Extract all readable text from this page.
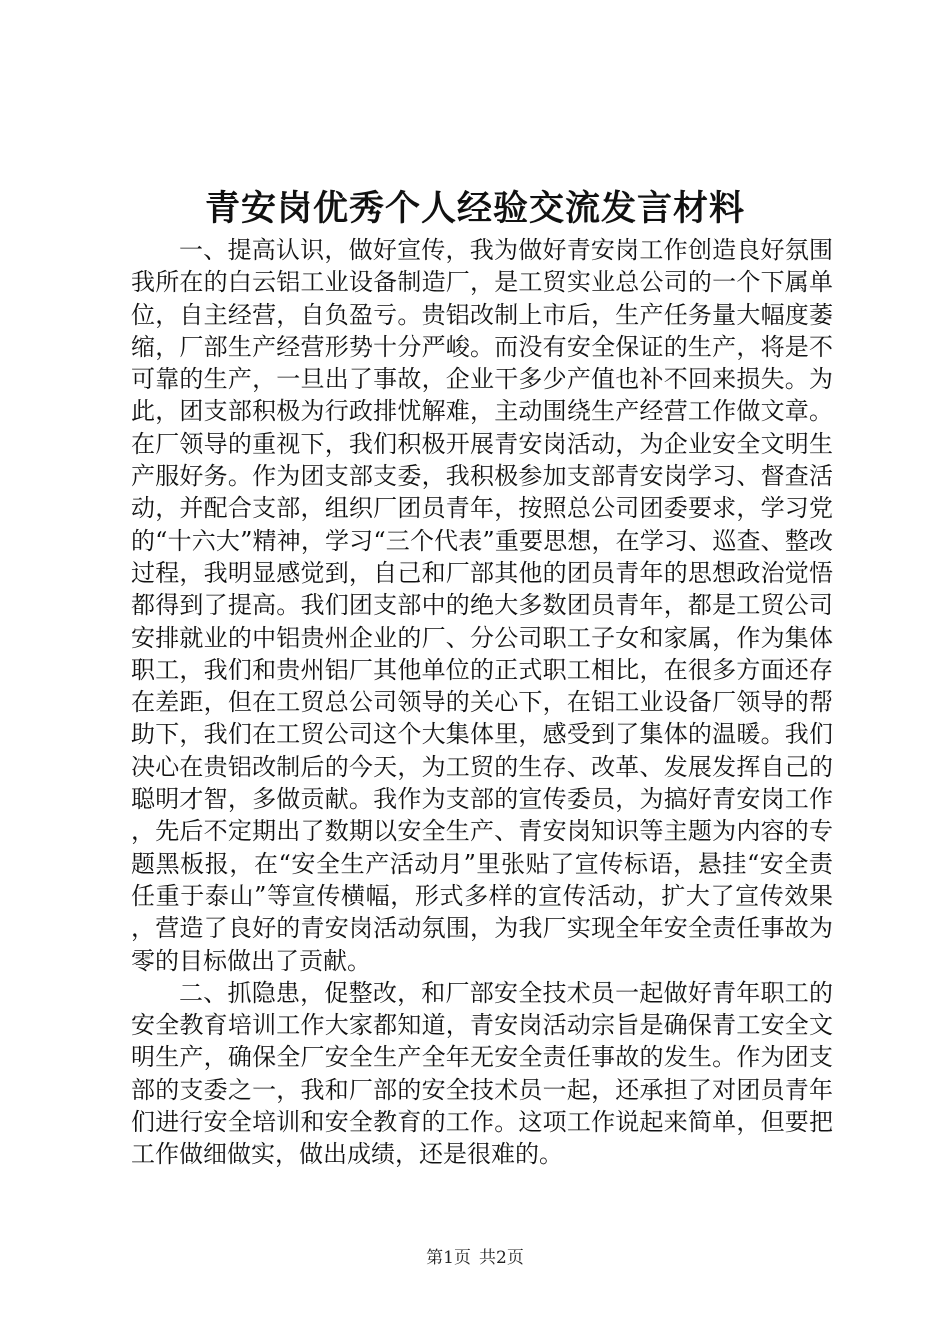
青安岗优秀个人经验交流发言材料

一、提高认识，做好宣传，我为做好青安岗工作创造良好氛围我所在的白云铝工业设备制造厂，是工贸实业总公司的一个下属单位，自主经营，自负盈亏。贵铝改制上市后，生产任务量大幅度萎缩，厂部生产经营形势十分严峻。而没有安全保证的生产，将是不可靠的生产，一旦出了事故，企业干多少产值也补不回来损失。为此，团支部积极为行政排忧解难，主动围绕生产经营工作做文章。在厂领导的重视下，我们积极开展青安岗活动，为企业安全文明生产服好务。作为团支部支委，我积极参加支部青安岗学习、督查活动，并配合支部，组织厂团员青年，按照总公司团委要求，学习党的“十六大”精神，学习“三个代表”重要思想，在学习、巡查、整改过程，我明显感觉到，自己和厂部其他的团员青年的思想政治觉悟都得到了提高。我们团支部中的绝大多数团员青年，都是工贸公司安排就业的中铝贵州企业的厂、分公司职工子女和家属，作为集体职工，我们和贵州铝厂其他单位的正式职工相比，在很多方面还存在差距，但在工贸总公司领导的关心下，在铝工业设备厂领导的帮助下，我们在工贸公司这个大集体里，感受到了集体的温暖。我们决心在贵铝改制后的今天，为工贸的生存、改革、发展发挥自己的聪明才智，多做贡献。我作为支部的宣传委员，为搞好青安岗工作，先后不定期出了数期以安全生产、青安岗知识等主题为内容的专题黑板报，在“安全生产活动月”里张贴了宣传标语，悬挂“安全责任重于泰山”等宣传横幅，形式多样的宣传活动，扩大了宣传效果，营造了良好的青安岗活动氛围，为我厂实现全年安全责任事故为零的目标做出了贡献。

二、抓隐患，促整改，和厂部安全技术员一起做好青年职工的安全教育培训工作大家都知道，青安岗活动宗旨是确保青工安全文明生产，确保全厂安全生产全年无安全责任事故的发生。作为团支部的支委之一，我和厂部的安全技术员一起，还承担了对团员青年们进行安全培训和安全教育的工作。这项工作说起来简单，但要把工作做细做实，做出成绩，还是很难的。

第1页 共2页
